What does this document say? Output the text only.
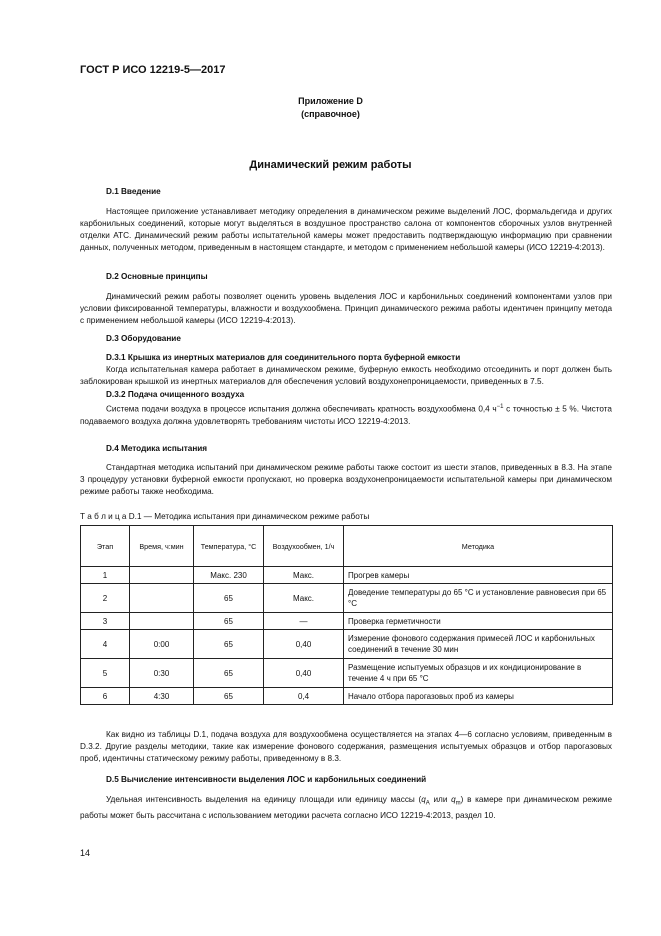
ГОСТ Р ИСО 12219-5—2017
Приложение D
(справочное)
Динамический режим работы
D.1 Введение
Настоящее приложение устанавливает методику определения в динамическом режиме выделений ЛОС, формальдегида и других карбонильных соединений, которые могут выделяться в воздушное пространство салона от компонентов сборочных узлов внутренней отделки АТС. Динамический режим работы испытательной камеры может предоставить подтверждающую информацию при сравнении данных, полученных методом, приведенным в настоящем стандарте, и методом с применением небольшой камеры (ИСО 12219-4:2013).
D.2 Основные принципы
Динамический режим работы позволяет оценить уровень выделения ЛОС и карбонильных соединений компонентами узлов при условии фиксированной температуры, влажности и воздухообмена. Принцип динамического режима работы идентичен принципу метода с применением небольшой камеры (ИСО 12219-4:2013).
D.3 Оборудование
D.3.1 Крышка из инертных материалов для соединительного порта буферной емкости
Когда испытательная камера работает в динамическом режиме, буферную емкость необходимо отсоединить и порт должен быть заблокирован крышкой из инертных материалов для обеспечения условий воздухонепроницаемости, приведенных в 7.5.
D.3.2 Подача очищенного воздуха
Система подачи воздуха в процессе испытания должна обеспечивать кратность воздухообмена 0,4 $ч^{-1}$ с точностью ± 5 %. Чистота подаваемого воздуха должна удовлетворять требованиям чистоты ИСО 12219-4:2013.
D.4 Методика испытания
Стандартная методика испытаний при динамическом режиме работы также состоит из шести этапов, приведенных в 8.3. На этапе 3 процедуру установки буферной емкости пропускают, но проверка воздухонепроницаемости испытательной камеры при динамическом режиме работы также необходима.
Т а б л и ц а D.1 — Методика испытания при динамическом режиме работы
Этап	Время, ч:мин	Температура, °С	Воздухообмен, 1/ч	Методика
1		Макс. 230	Макс.	Прогрев камеры
2		65	Макс.	Доведение температуры до 65 °С и установление равновесия при 65 °С
3		65	—	Проверка герметичности
4	0:00	65	0,40	Измерение фонового содержания примесей ЛОС и карбонильных соединений в течение 30 мин
5	0:30	65	0,40	Размещение испытуемых образцов и их кондиционирование в течение 4 ч при 65 °С
6	4:30	65	0,4	Начало отбора парогазовых проб из камеры
Как видно из таблицы D.1, подача воздуха для воздухообмена осуществляется на этапах 4—6 согласно условиям, приведенным в D.3.2. Другие разделы методики, такие как измерение фонового содержания, размещения испытуемых образцов и отбор парогазовых проб, идентичны статическому режиму работы, приведенному в 8.3.
D.5 Вычисление интенсивности выделения ЛОС и карбонильных соединений
Удельная интенсивность выделения на единицу площади или единицу массы ($q_A$ или $q_m$) в камере при динамическом режиме работы может быть рассчитана с использованием методики расчета согласно ИСО 12219-4:2013, раздел 10.
14
